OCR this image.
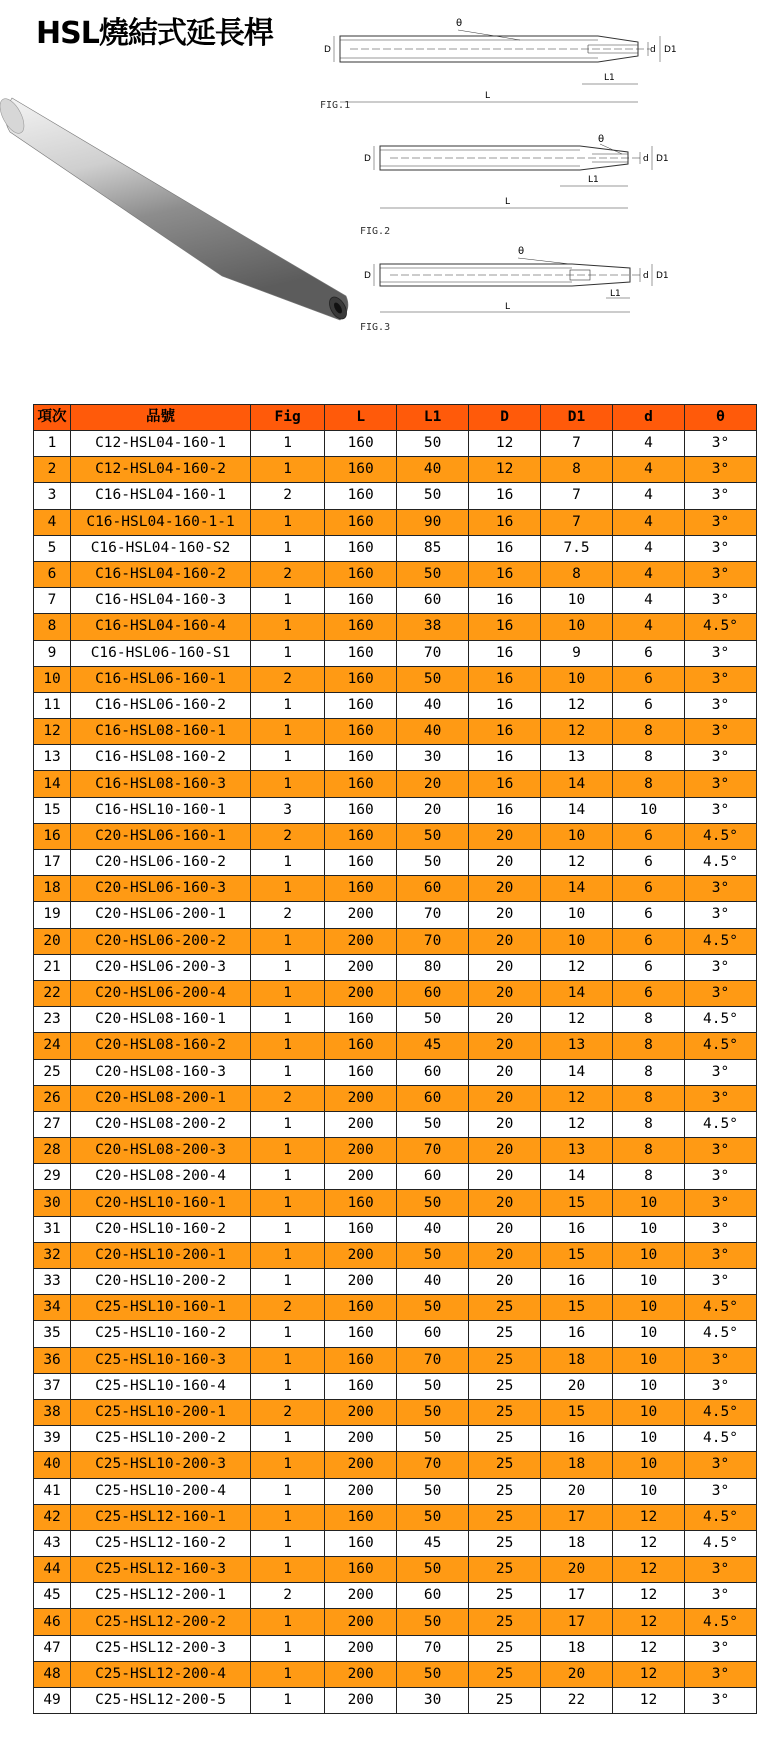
HSL燒結式延長桿	θ
D	d D1
L1
L
FIG.1
θ
D	d D1
L1
L
FIG.2
θ
D	d D1
L1
L
FIG.3
項次	品號	Fig	L	L1	D	D1	d	θ
1	C12-HSL04-160-1	1	160	50	12	7	4	3°
2	C12-HSL04-160-2	1	160	40	12	8	4	3°
3	C16-HSL04-160-1	2	160	50	16	7	4	3°
4	C16-HSL04-160-1-1	1	160	90	16	7	4	3°
5	C16-HSL04-160-S2	1	160	85	16	7.5	4	3°
6	C16-HSL04-160-2	2	160	50	16	8	4	3°
7	C16-HSL04-160-3	1	160	60	16	10	4	3°
8	C16-HSL04-160-4	1	160	38	16	10	4	4.5°
9	C16-HSL06-160-S1	1	160	70	16	9	6	3°
10	C16-HSL06-160-1	2	160	50	16	10	6	3°
11	C16-HSL06-160-2	1	160	40	16	12	6	3°
12	C16-HSL08-160-1	1	160	40	16	12	8	3°
13	C16-HSL08-160-2	1	160	30	16	13	8	3°
14	C16-HSL08-160-3	1	160	20	16	14	8	3°
15	C16-HSL10-160-1	3	160	20	16	14	10	3°
16	C20-HSL06-160-1	2	160	50	20	10	6	4.5°
17	C20-HSL06-160-2	1	160	50	20	12	6	4.5°
18	C20-HSL06-160-3	1	160	60	20	14	6	3°
19	C20-HSL06-200-1	2	200	70	20	10	6	3°
20	C20-HSL06-200-2	1	200	70	20	10	6	4.5°
21	C20-HSL06-200-3	1	200	80	20	12	6	3°
22	C20-HSL06-200-4	1	200	60	20	14	6	3°
23	C20-HSL08-160-1	1	160	50	20	12	8	4.5°
24	C20-HSL08-160-2	1	160	45	20	13	8	4.5°
25	C20-HSL08-160-3	1	160	60	20	14	8	3°
26	C20-HSL08-200-1	2	200	60	20	12	8	3°
27	C20-HSL08-200-2	1	200	50	20	12	8	4.5°
28	C20-HSL08-200-3	1	200	70	20	13	8	3°
29	C20-HSL08-200-4	1	200	60	20	14	8	3°
30	C20-HSL10-160-1	1	160	50	20	15	10	3°
31	C20-HSL10-160-2	1	160	40	20	16	10	3°
32	C20-HSL10-200-1	1	200	50	20	15	10	3°
33	C20-HSL10-200-2	1	200	40	20	16	10	3°
34	C25-HSL10-160-1	2	160	50	25	15	10	4.5°
35	C25-HSL10-160-2	1	160	60	25	16	10	4.5°
36	C25-HSL10-160-3	1	160	70	25	18	10	3°
37	C25-HSL10-160-4	1	160	50	25	20	10	3°
38	C25-HSL10-200-1	2	200	50	25	15	10	4.5°
39	C25-HSL10-200-2	1	200	50	25	16	10	4.5°
40	C25-HSL10-200-3	1	200	70	25	18	10	3°
41	C25-HSL10-200-4	1	200	50	25	20	10	3°
42	C25-HSL12-160-1	1	160	50	25	17	12	4.5°
43	C25-HSL12-160-2	1	160	45	25	18	12	4.5°
44	C25-HSL12-160-3	1	160	50	25	20	12	3°
45	C25-HSL12-200-1	2	200	60	25	17	12	3°
46	C25-HSL12-200-2	1	200	50	25	17	12	4.5°
47	C25-HSL12-200-3	1	200	70	25	18	12	3°
48	C25-HSL12-200-4	1	200	50	25	20	12	3°
49	C25-HSL12-200-5	1	200	30	25	22	12	3°
